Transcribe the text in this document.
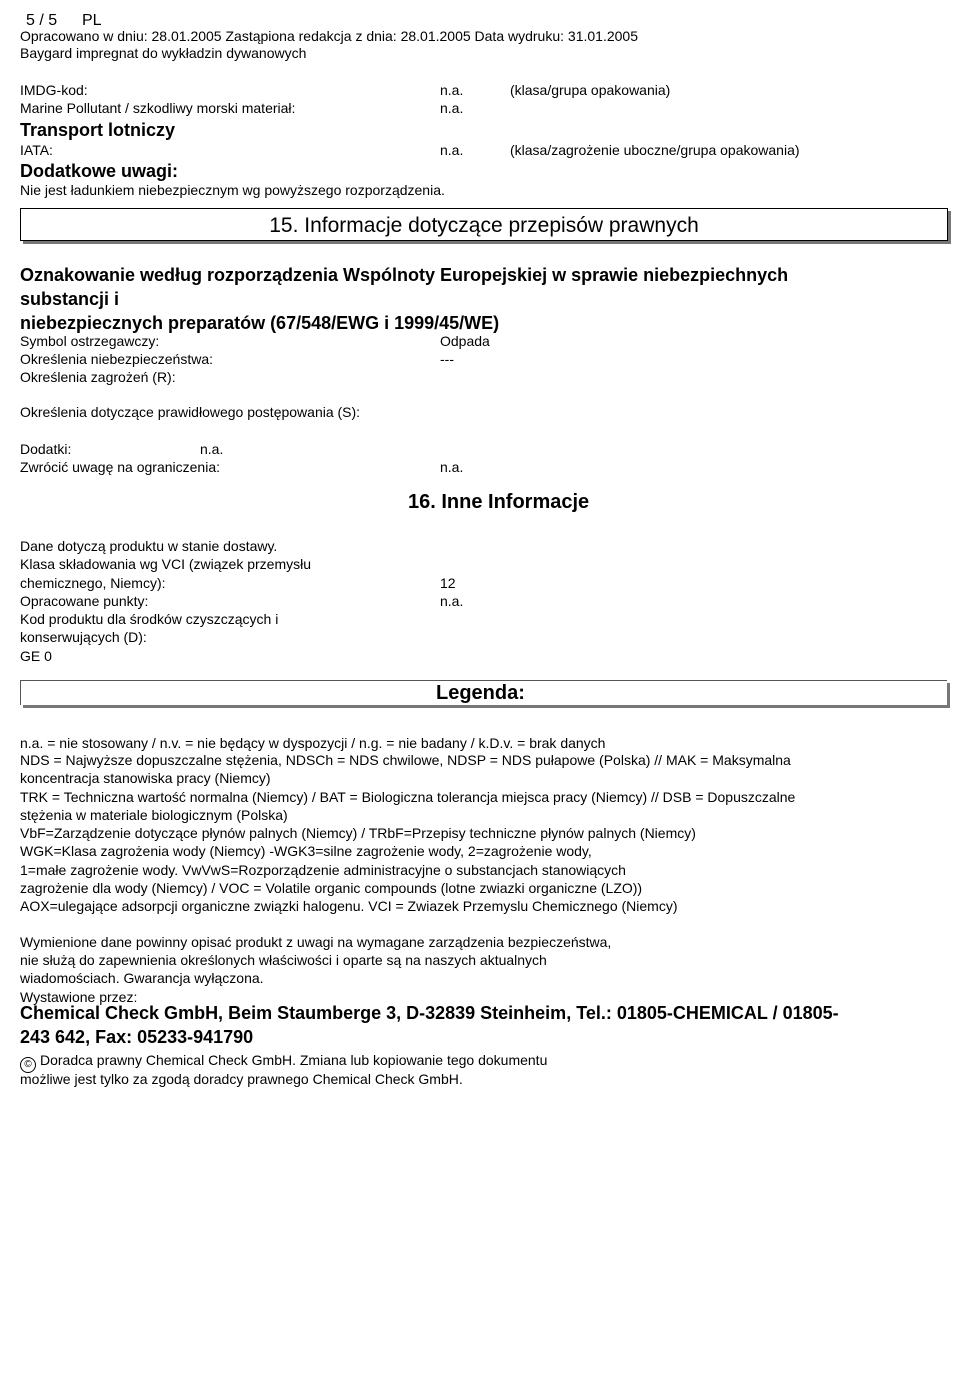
5 / 5 PL
Opracowano w dniu: 28.01.2005 Zastąpiona redakcja z dnia: 28.01.2005 Data wydruku: 31.01.2005
Baygard impregnat do wykładzin dywanowych
IMDG-kod:	n.a.	(klasa/grupa opakowania)
Marine Pollutant / szkodliwy morski materiał:	n.a.
Transport lotniczy
IATA:	n.a.	(klasa/zagrożenie uboczne/grupa opakowania)
Dodatkowe uwagi:
Nie jest ładunkiem niebezpiecznym wg powyższego rozporządzenia.
15. Informacje dotyczące przepisów prawnych
Oznakowanie według rozporządzenia Wspólnoty Europejskiej w sprawie niebezpiechnych
substancji i
niebezpiecznych preparatów (67/548/EWG i 1999/45/WE)
Symbol ostrzegawczy:	Odpada
Określenia niebezpieczeństwa:	---
Określenia zagrożeń (R):
Określenia dotyczące prawidłowego postępowania (S):
Dodatki:	n.a.
Zwrócić uwagę na ograniczenia:	n.a.
16. Inne Informacje
Dane dotyczą produktu w stanie dostawy.
Klasa składowania wg VCI (związek przemysłu
chemicznego, Niemcy):	12
Opracowane punkty:	n.a.
Kod produktu dla środków czyszczących i
konserwujących (D):
GE 0
Legenda:
n.a. = nie stosowany / n.v. = nie będący w dyspozycji / n.g. = nie badany / k.D.v. = brak danych
NDS = Najwyższe dopuszczalne stężenia, NDSCh = NDS chwilowe, NDSP = NDS pułapowe (Polska) // MAK = Maksymalna
koncentracja stanowiska pracy (Niemcy)
TRK = Techniczna wartość normalna (Niemcy) / BAT = Biologiczna tolerancja miejsca pracy (Niemcy) // DSB = Dopuszczalne
stężenia w materiale biologicznym (Polska)
VbF=Zarządzenie dotyczące płynów palnych (Niemcy) / TRbF=Przepisy techniczne płynów palnych (Niemcy)
WGK=Klasa zagrożenia wody (Niemcy) -WGK3=silne zagrożenie wody, 2=zagrożenie wody,
1=małe zagrożenie wody. VwVwS=Rozporządzenie administracyjne o substancjach stanowiących
zagrożenie dla wody (Niemcy) / VOC = Volatile organic compounds (lotne zwiazki organiczne (LZO))
AOX=ulegające adsorpcji organiczne związki halogenu. VCI = Zwiazek Przemyslu Chemicznego (Niemcy)
Wymienione dane powinny opisać produkt z uwagi na wymagane zarządzenia bezpieczeństwa,
nie służą do zapewnienia określonych właściwości i oparte są na naszych aktualnych
wiadomościach. Gwarancja wyłączona.
Wystawione przez:
Chemical Check GmbH, Beim Staumberge 3, D-32839 Steinheim, Tel.: 01805-CHEMICAL / 01805-
243 642, Fax: 05233-941790
© Doradca prawny Chemical Check GmbH. Zmiana lub kopiowanie tego dokumentu
możliwe jest tylko za zgodą doradcy prawnego Chemical Check GmbH.
